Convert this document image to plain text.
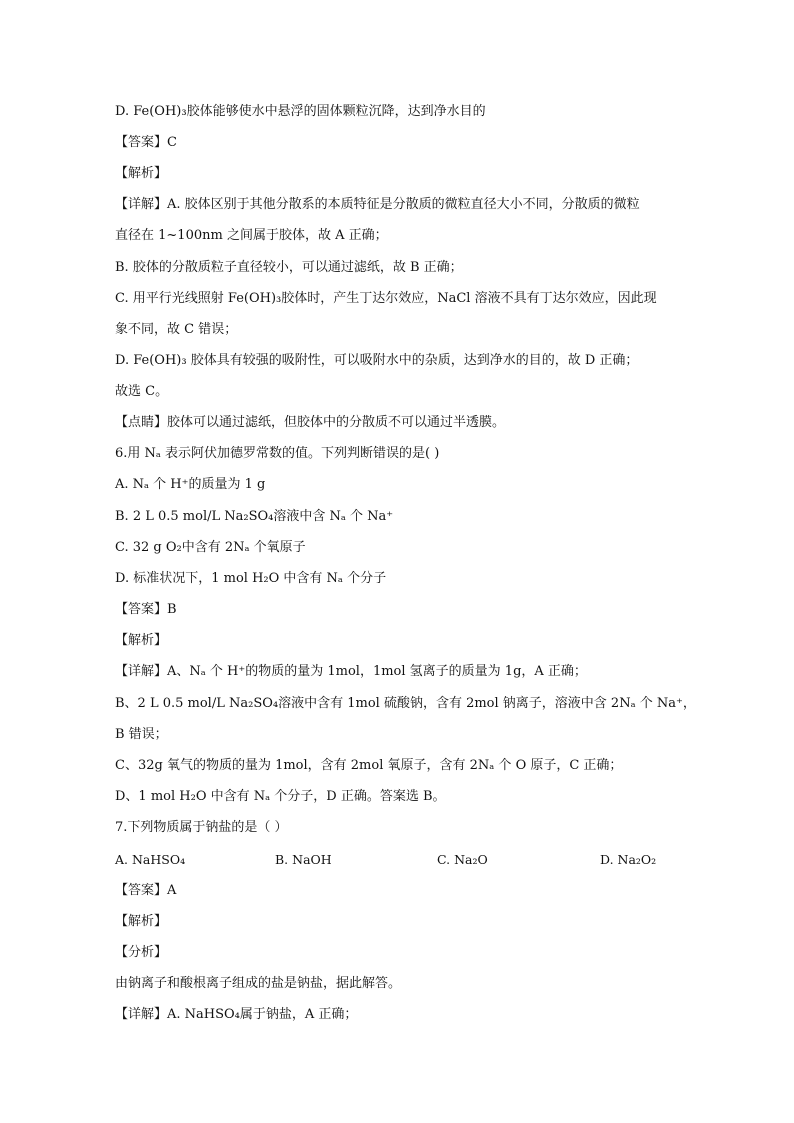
D. Fe(OH)₃胶体能够使水中悬浮的固体颗粒沉降，达到净水目的
【答案】C
【解析】
【详解】A. 胶体区别于其他分散系的本质特征是分散质的微粒直径大小不同，分散质的微粒
直径在 1~100nm 之间属于胶体，故 A 正确；
B. 胶体的分散质粒子直径较小，可以通过滤纸，故 B 正确；
C. 用平行光线照射 Fe(OH)₃胶体时，产生丁达尔效应，NaCl 溶液不具有丁达尔效应，因此现
象不同，故 C 错误；
D. Fe(OH)₃ 胶体具有较强的吸附性，可以吸附水中的杂质，达到净水的目的，故 D 正确；
故选 C。
【点睛】胶体可以通过滤纸，但胶体中的分散质不可以通过半透膜。
6.用 Nₐ 表示阿伏加德罗常数的值。下列判断错误的是( )
A. Nₐ 个 H⁺的质量为 1 g
B. 2 L 0.5 mol/L Na₂SO₄溶液中含 Nₐ 个 Na⁺
C. 32 g O₂中含有 2Nₐ 个氧原子
D. 标准状况下，1 mol H₂O 中含有 Nₐ 个分子
【答案】B
【解析】
【详解】A、Nₐ 个 H⁺的物质的量为 1mol，1mol 氢离子的质量为 1g，A 正确；
B、2 L 0.5 mol/L Na₂SO₄溶液中含有 1mol 硫酸钠，含有 2mol 钠离子，溶液中含 2Nₐ 个 Na⁺，
B 错误；
C、32g 氧气的物质的量为 1mol，含有 2mol 氧原子，含有 2Nₐ 个 O 原子，C 正确；
D、1 mol H₂O 中含有 Nₐ 个分子，D 正确。答案选 B。
7.下列物质属于钠盐的是（ ）
A. NaHSO₄	B. NaOH	C. Na₂O	D. Na₂O₂
【答案】A
【解析】
【分析】
由钠离子和酸根离子组成的盐是钠盐，据此解答。
【详解】A. NaHSO₄属于钠盐，A 正确；
